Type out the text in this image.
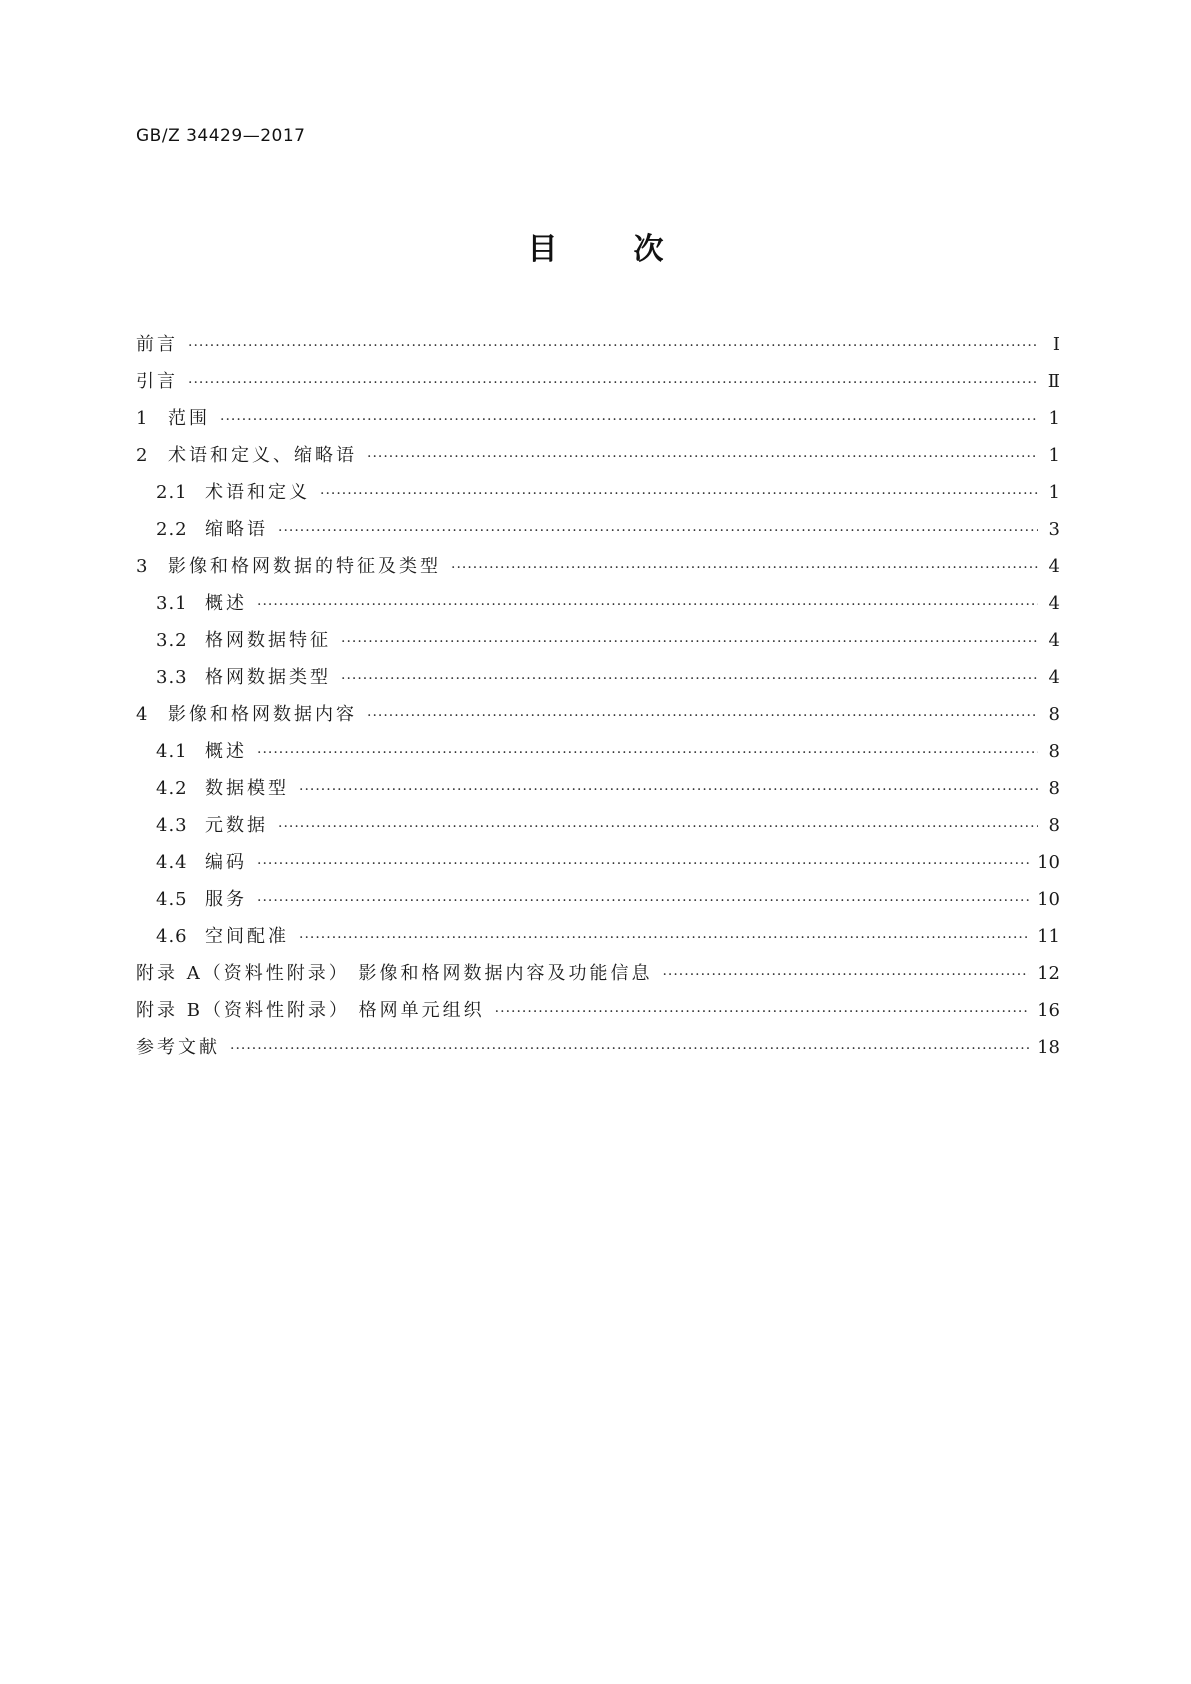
GB/Z 34429—2017
目次
前言 ·····	Ⅰ
引言 ·····	Ⅱ
1	范围 ·····	1
2	术语和定义、缩略语 ·····	1
2.1 术语和定义 ·····	1
2.2 缩略语 ·····	3
3	影像和格网数据的特征及类型 ·····	4
3.1 概述 ·····	4
3.2 格网数据特征 ·····	4
3.3 格网数据类型 ·····	4
4	影像和格网数据内容 ·····	8
4.1 概述 ·····	8
4.2 数据模型 ·····	8
4.3 元数据 ·····	8
4.4 编码 ·····	10
4.5 服务 ·····	10
4.6 空间配准 ·····	11
附录 A（资料性附录） 影像和格网数据内容及功能信息 ·····	12
附录 B（资料性附录） 格网单元组织 ·····	16
参考文献 ·····	18
